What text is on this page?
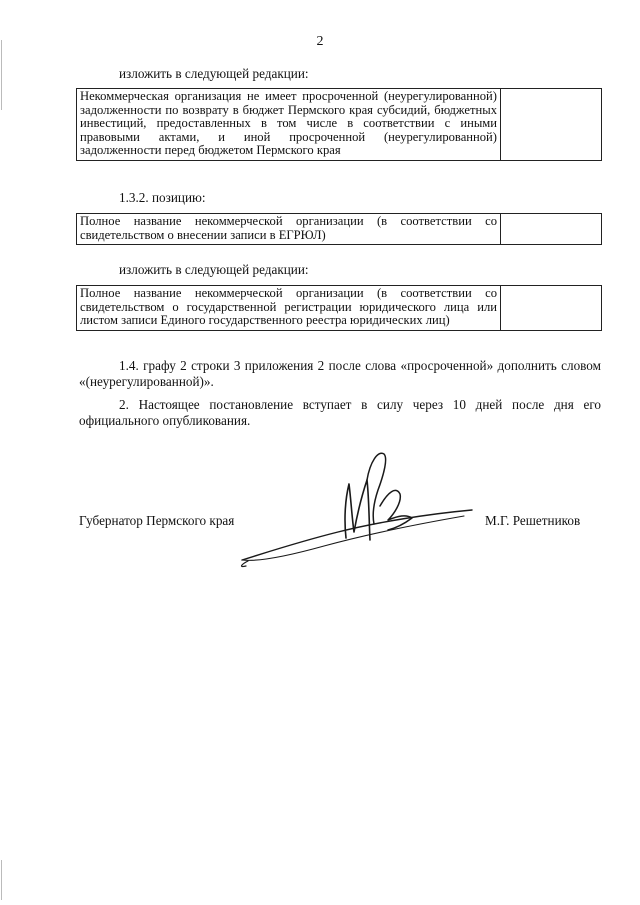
2
изложить в следующей редакции:
Некоммерческая организация не имеет просроченной (неурегулированной) задолженности по возврату в бюджет Пермского края субсидий, бюджетных инвестиций, предоставленных в том числе в соответствии с иными правовыми актами, и иной просроченной (неурегулированной) задолженности перед бюджетом Пермского края	
1.3.2. позицию:
Полное название некоммерческой организации (в соответствии со свидетельством о внесении записи в ЕГРЮЛ)	
изложить в следующей редакции:
Полное название некоммерческой организации (в соответствии со свидетельством о государственной регистрации юридического лица или листом записи Единого государственного реестра юридических лиц)	
1.4. графу 2 строки 3 приложения 2 после слова «просроченной» дополнить словом «(неурегулированной)».
2. Настоящее постановление вступает в силу через 10 дней после дня его официального опубликования.
Губернатор Пермского края	М.Г. Решетников
